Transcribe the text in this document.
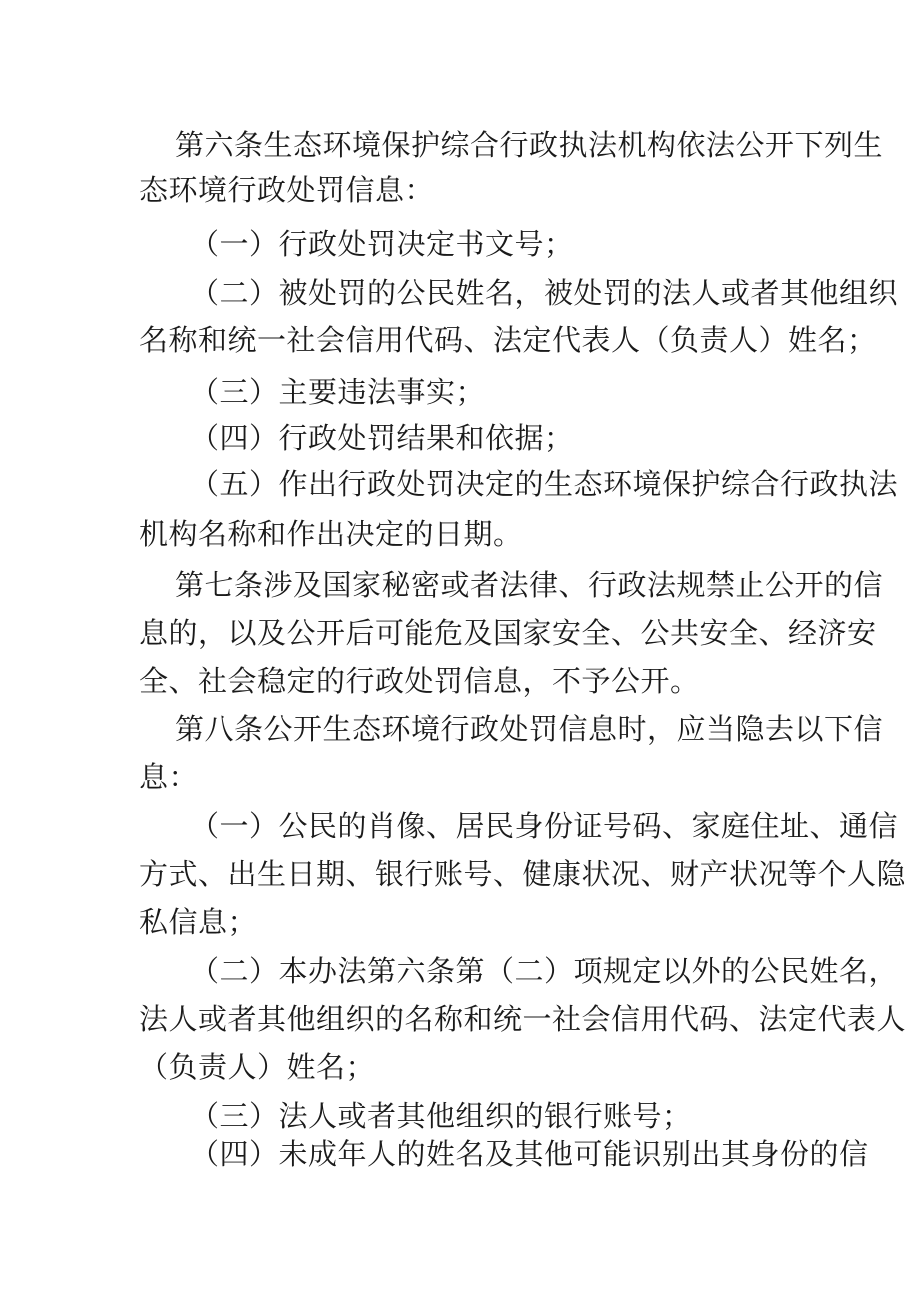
第六条生态环境保护综合行政执法机构依法公开下列生
态环境行政处罚信息：
（一）行政处罚决定书文号；
（二）被处罚的公民姓名，被处罚的法人或者其他组织
名称和统一社会信用代码、法定代表人（负责人）姓名；
（三）主要违法事实；
（四）行政处罚结果和依据；
（五）作出行政处罚决定的生态环境保护综合行政执法
机构名称和作出决定的日期。
第七条涉及国家秘密或者法律、行政法规禁止公开的信
息的，以及公开后可能危及国家安全、公共安全、经济安
全、社会稳定的行政处罚信息，不予公开。
第八条公开生态环境行政处罚信息时，应当隐去以下信
息：
（一）公民的肖像、居民身份证号码、家庭住址、通信
方式、出生日期、银行账号、健康状况、财产状况等个人隐
私信息；
（二）本办法第六条第（二）项规定以外的公民姓名，
法人或者其他组织的名称和统一社会信用代码、法定代表人
（负责人）姓名；
（三）法人或者其他组织的银行账号；
（四）未成年人的姓名及其他可能识别出其身份的信
